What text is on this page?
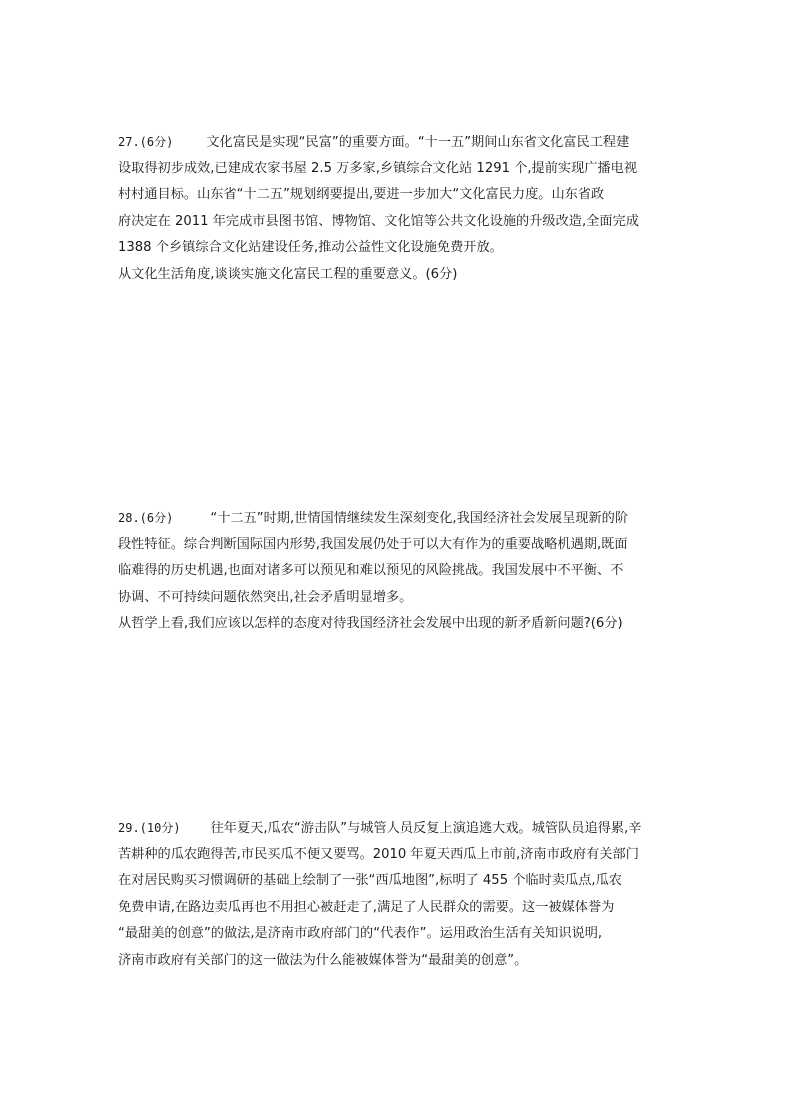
27.(6分)	文化富民是实现“民富”的重要方面。“十一五”期间山东省文化富民工程建
设取得初步成效,已建成农家书屋 2.5 万多家,乡镇综合文化站 1291 个,提前实现广播电视
村村通目标。山东省“十二五”规划纲要提出,要进一步加大“文化富民力度。山东省政
府决定在 2011 年完成市县图书馆、博物馆、文化馆等公共文化设施的升级改造,全面完成
1388 个乡镇综合文化站建设任务,推动公益性文化设施免费开放。
从文化生活角度,谈谈实施文化富民工程的重要意义。(6分)
28.(6分)	“十二五”时期,世情国情继续发生深刻变化,我国经济社会发展呈现新的阶
段性特征。综合判断国际国内形势,我国发展仍处于可以大有作为的重要战略机遇期,既面
临难得的历史机遇,也面对诸多可以预见和难以预见的风险挑战。我国发展中不平衡、不
协调、不可持续问题依然突出,社会矛盾明显增多。
从哲学上看,我们应该以怎样的态度对待我国经济社会发展中出现的新矛盾新问题?(6分)
29.(10分) 往年夏天,瓜农“游击队”与城管人员反复上演追逃大戏。城管队员追得累,辛
苦耕种的瓜农跑得苦,市民买瓜不便又要骂。2010 年夏天西瓜上市前,济南市政府有关部门
在对居民购买习惯调研的基础上绘制了一张“西瓜地图”,标明了 455 个临时卖瓜点,瓜农
免费申请,在路边卖瓜再也不用担心被赶走了,满足了人民群众的需要。这一被媒体誉为
“最甜美的创意”的做法,是济南市政府部门的“代表作”。运用政治生活有关知识说明,
济南市政府有关部门的这一做法为什么能被媒体誉为“最甜美的创意”。
